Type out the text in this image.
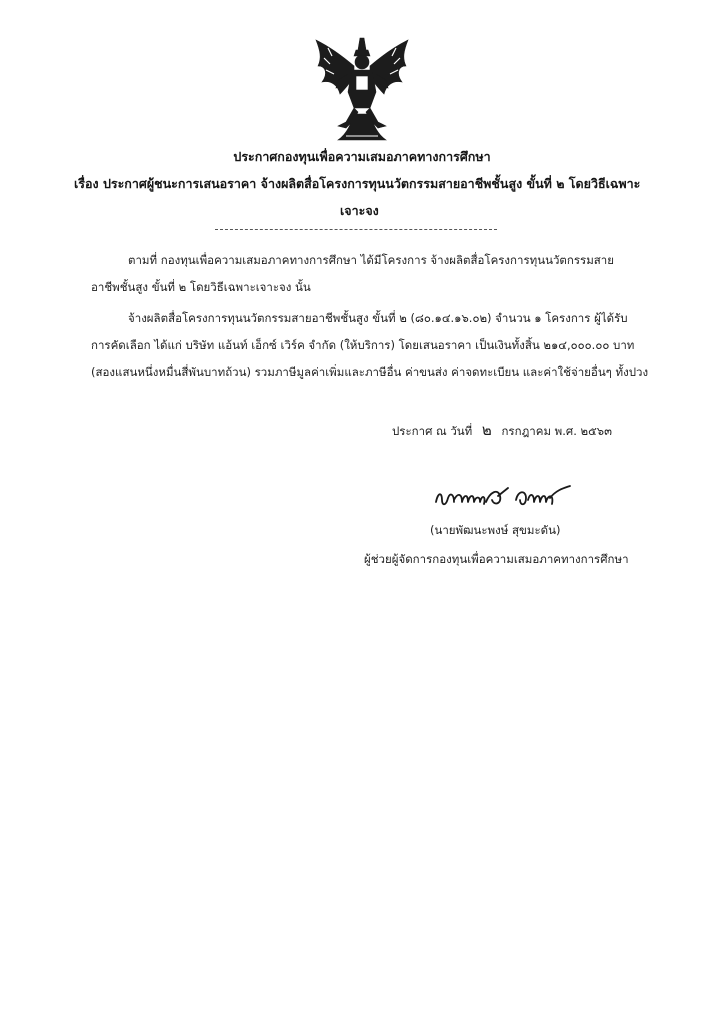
ประกาศกองทุนเพื่อความเสมอภาคทางการศึกษา
เรื่อง ประกาศผู้ชนะการเสนอราคา จ้างผลิตสื่อโครงการทุนนวัตกรรมสายอาชีพชั้นสูง ขั้นที่ ๒ โดยวิธีเฉพาะ
เจาะจง
ตามที่ กองทุนเพื่อความเสมอภาคทางการศึกษา ได้มีโครงการ จ้างผลิตสื่อโครงการทุนนวัตกรรมสาย
อาชีพชั้นสูง ขั้นที่ ๒ โดยวิธีเฉพาะเจาะจง นั้น
จ้างผลิตสื่อโครงการทุนนวัตกรรมสายอาชีพชั้นสูง ขั้นที่ ๒ (๘๐.๑๔.๑๖.๐๒) จำนวน ๑ โครงการ ผู้ได้รับ
การคัดเลือก ได้แก่ บริษัท แอ้นท์ เอ็กซ์ เวิร์ค จำกัด (ให้บริการ) โดยเสนอราคา เป็นเงินทั้งสิ้น ๒๑๔,๐๐๐.๐๐ บาท
(สองแสนหนึ่งหมื่นสี่พันบาทถ้วน) รวมภาษีมูลค่าเพิ่มและภาษีอื่น ค่าขนส่ง ค่าจดทะเบียน และค่าใช้จ่ายอื่นๆ ทั้งปวง
ประกาศ ณ วันที่ ๒ กรกฎาคม พ.ศ. ๒๕๖๓
(นายพัฒนะพงษ์ สุขมะดัน)
ผู้ช่วยผู้จัดการกองทุนเพื่อความเสมอภาคทางการศึกษา
